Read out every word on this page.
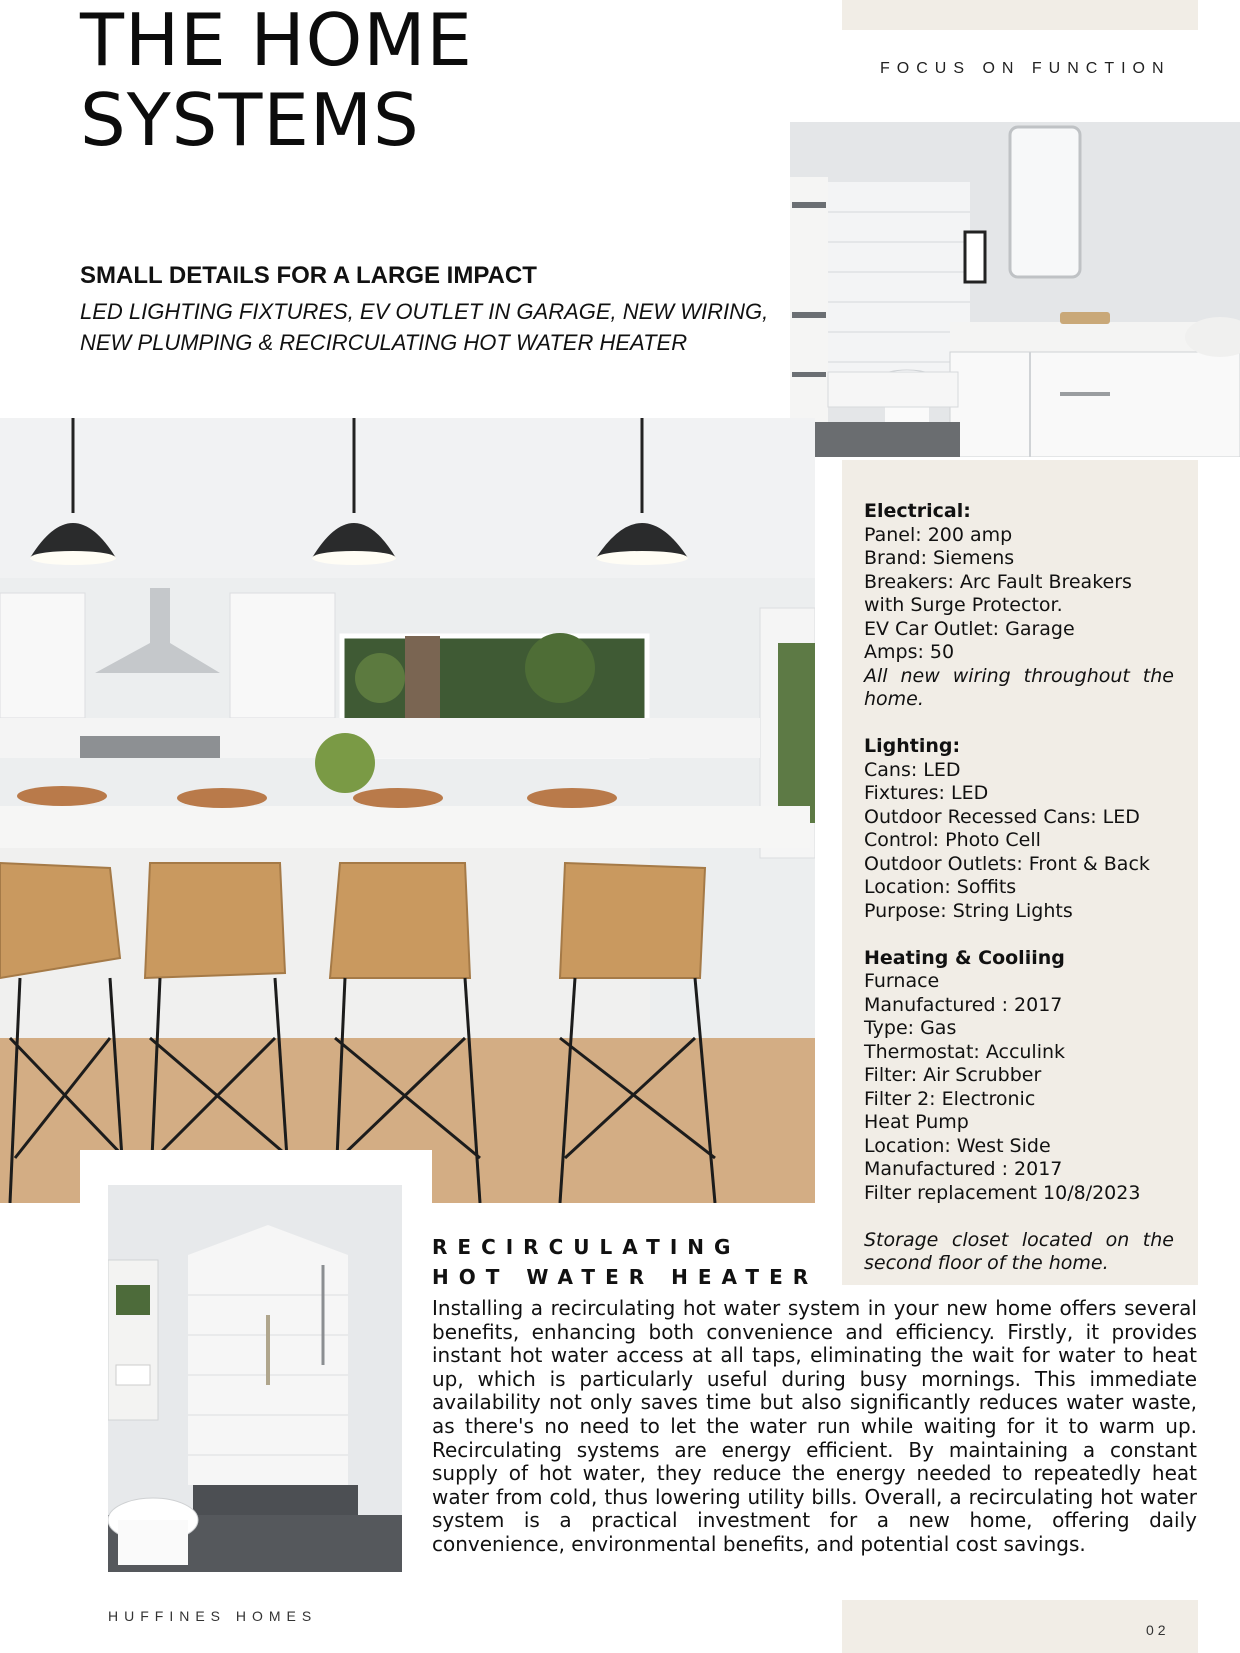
THE HOME
SYSTEMS
FOCUS ON FUNCTION
SMALL DETAILS FOR A LARGE IMPACT
LED LIGHTING FIXTURES, EV OUTLET IN GARAGE, NEW WIRING,
NEW PLUMPING & RECIRCULATING HOT WATER HEATER
Electrical:
Panel: 200 amp
Brand: Siemens
Breakers: Arc Fault Breakers
with Surge Protector.
EV Car Outlet: Garage
Amps: 50
All new wiring throughout the home.
Lighting:
Cans: LED
Fixtures: LED
Outdoor Recessed Cans: LED
Control: Photo Cell
Outdoor Outlets: Front & Back
Location: Soffits
Purpose: String Lights
Heating & Cooliing
Furnace
Manufactured : 2017
Type: Gas
Thermostat: Acculink
Filter: Air Scrubber
Filter 2: Electronic
Heat Pump
Location: West Side
Manufactured : 2017
Filter replacement 10/8/2023
Storage closet located on the second floor of the home.
RECIRCULATING
HOT WATER HEATER
Installing a recirculating hot water system in your new home offers several benefits, enhancing both convenience and efficiency. Firstly, it provides instant hot water access at all taps, eliminating the wait for water to heat up, which is particularly useful during busy mornings. This immediate availability not only saves time but also significantly reduces water waste, as there's no need to let the water run while waiting for it to warm up. Recirculating systems are energy efficient. By maintaining a constant supply of hot water, they reduce the energy needed to repeatedly heat water from cold, thus lowering utility bills. Overall, a recirculating hot water system is a practical investment for a new home, offering daily convenience, environmental benefits, and potential cost savings.
HUFFINES HOMES
02
